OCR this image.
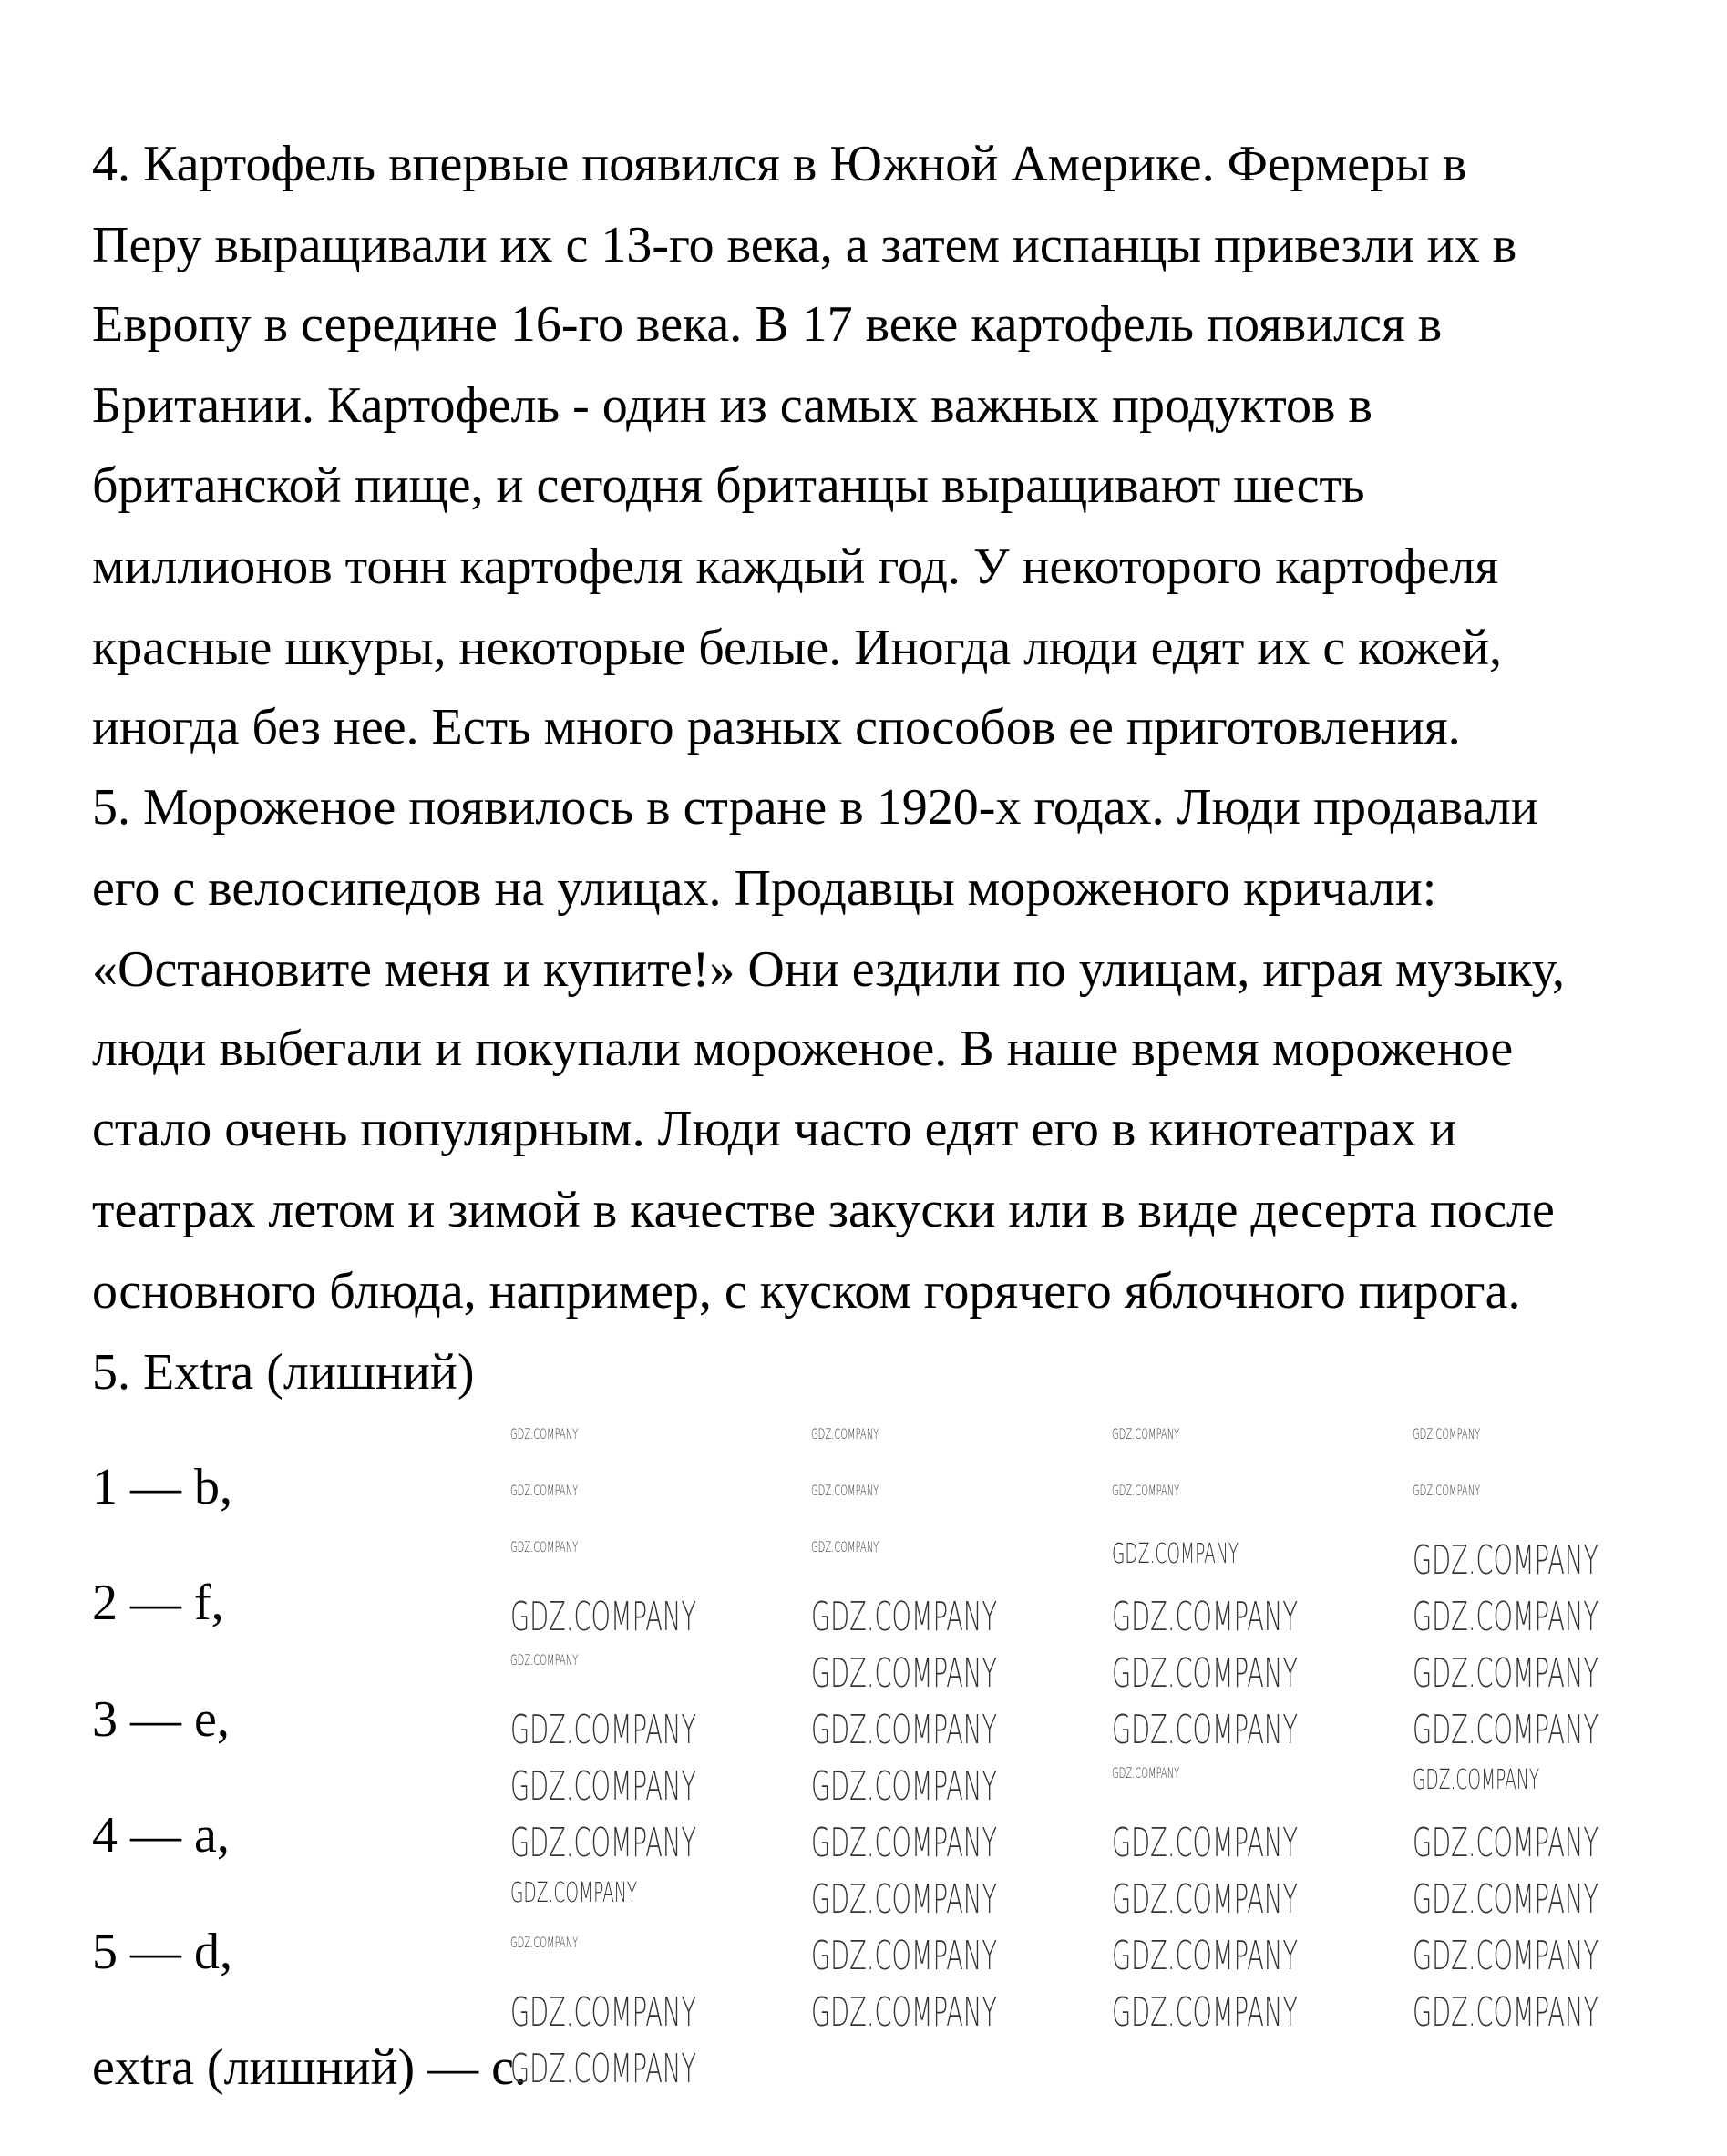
4. Картофель впервые появился в Южной Америке. Фермеры в
Перу выращивали их с 13-го века, а затем испанцы привезли их в
Европу в середине 16-го века. В 17 веке картофель появился в
Британии. Картофель - один из самых важных продуктов в
британской пище, и сегодня британцы выращивают шесть
миллионов тонн картофеля каждый год. У некоторого картофеля
красные шкуры, некоторые белые. Иногда люди едят их с кожей,
иногда без нее. Есть много разных способов ее приготовления.
5. Мороженое появилось в стране в 1920-х годах. Люди продавали
его с велосипедов на улицах. Продавцы мороженого кричали:
«Остановите меня и купите!» Они ездили по улицам, играя музыку,
люди выбегали и покупали мороженое. В наше время мороженое
стало очень популярным. Люди часто едят его в кинотеатрах и
театрах летом и зимой в качестве закуски или в виде десерта после
основного блюда, например, с куском горячего яблочного пирога.
5. Extra (лишний)
1 — b,
2 — f,
3 — e,
4 — a,
5 — d,
extra (лишний) — c.
GDZ.COMPANY	GDZ.COMPANY	GDZ.COMPANY	GDZ.COMPANY
GDZ.COMPANY	GDZ.COMPANY	GDZ.COMPANY	GDZ.COMPANY
GDZ.COMPANY	GDZ.COMPANY	GDZ.COMPANY	GDZ.COMPANY
GDZ.COMPANY	GDZ.COMPANY	GDZ.COMPANY	GDZ.COMPANY
GDZ.COMPANY	GDZ.COMPANY	GDZ.COMPANY	GDZ.COMPANY
GDZ.COMPANY	GDZ.COMPANY	GDZ.COMPANY	GDZ.COMPANY
GDZ.COMPANY	GDZ.COMPANY	GDZ.COMPANY	GDZ.COMPANY
GDZ.COMPANY	GDZ.COMPANY	GDZ.COMPANY	GDZ.COMPANY
GDZ.COMPANY	GDZ.COMPANY	GDZ.COMPANY	GDZ.COMPANY
GDZ.COMPANY	GDZ.COMPANY	GDZ.COMPANY	GDZ.COMPANY
GDZ.COMPANY	GDZ.COMPANY	GDZ.COMPANY	GDZ.COMPANY
GDZ.COMPANY
